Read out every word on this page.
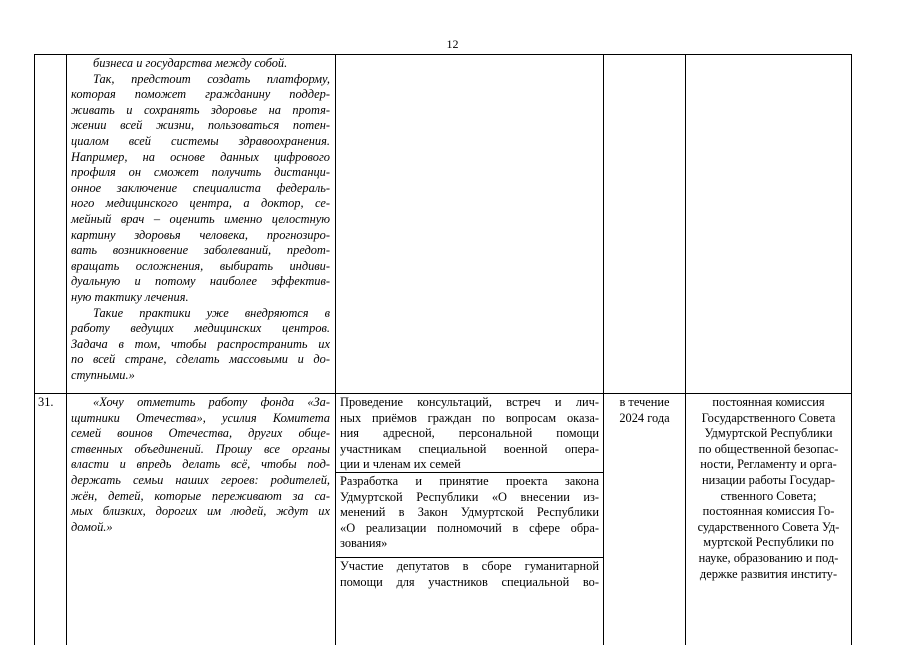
12
бизнеса и государства между собой.
Так, предстоит создать платформу,
которая поможет гражданину поддер-
живать и сохранять здоровье на протя-
жении всей жизни, пользоваться потен-
циалом всей системы здравоохранения.
Например, на основе данных цифрового
профиля он сможет получить дистанци-
онное заключение специалиста федераль-
ного медицинского центра, а доктор, се-
мейный врач – оценить именно целостную
картину здоровья человека, прогнозиро-
вать возникновение заболеваний, предот-
вращать осложнения, выбирать индиви-
дуальную и потому наиболее эффектив-
ную тактику лечения.
Такие практики уже внедряются в
работу ведущих медицинских центров.
Задача в том, чтобы распространить их
по всей стране, сделать массовыми и до-
ступными.»
31.	«Хочу отметить работу фонда «За-
щитники Отечества», усилия Комитета
семей воинов Отечества, других обще-
ственных объединений. Прошу все органы
власти и впредь делать всё, чтобы под-
держать семьи наших героев: родителей,
жён, детей, которые переживают за са-
мых близких, дорогих им людей, ждут их
домой.»
Проведение консультаций, встреч и лич-
ных приёмов граждан по вопросам оказа-
ния адресной, персональной помощи
участникам специальной военной опера-
ции и членам их семей
Разработка и принятие проекта закона
Удмуртской Республики «О внесении из-
менений в Закон Удмуртской Республики
«О реализации полномочий в сфере обра-
зования»
Участие депутатов в сборе гуманитарной
помощи для участников специальной во-
в течение
2024 года
постоянная комиссия
Государственного Совета
Удмуртской Республики
по общественной безопас-
ности, Регламенту и орга-
низации работы Государ-
ственного Совета;
постоянная комиссия Го-
сударственного Совета Уд-
муртской Республики по
науке, образованию и под-
держке развития институ-
